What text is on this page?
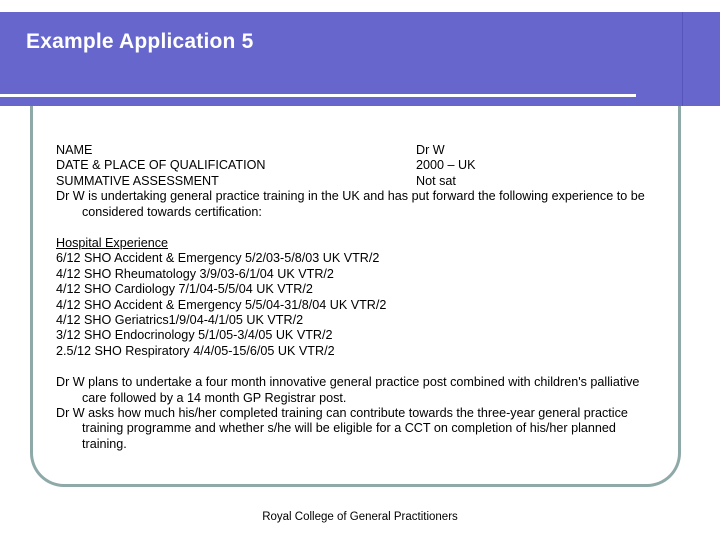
Example Application 5
NAME	Dr W
DATE & PLACE OF QUALIFICATION	2000 – UK
SUMMATIVE ASSESSMENT	Not sat
Dr W is undertaking general practice training in the UK and has put forward the following experience to be considered towards certification:
Hospital Experience
6/12 SHO Accident & Emergency 5/2/03-5/8/03 UK VTR/2
4/12 SHO Rheumatology 3/9/03-6/1/04 UK VTR/2
4/12 SHO Cardiology 7/1/04-5/5/04 UK VTR/2
4/12 SHO Accident & Emergency 5/5/04-31/8/04 UK VTR/2
4/12 SHO Geriatrics1/9/04-4/1/05 UK VTR/2
3/12 SHO Endocrinology 5/1/05-3/4/05 UK VTR/2
2.5/12 SHO Respiratory 4/4/05-15/6/05 UK VTR/2
Dr W plans to undertake a four month innovative general practice post combined with children's palliative care followed by a 14 month GP Registrar post.
Dr W asks how much his/her completed training can contribute towards the three-year general practice training programme and whether s/he will be eligible for a CCT on completion of his/her planned training.
Royal College of General Practitioners
